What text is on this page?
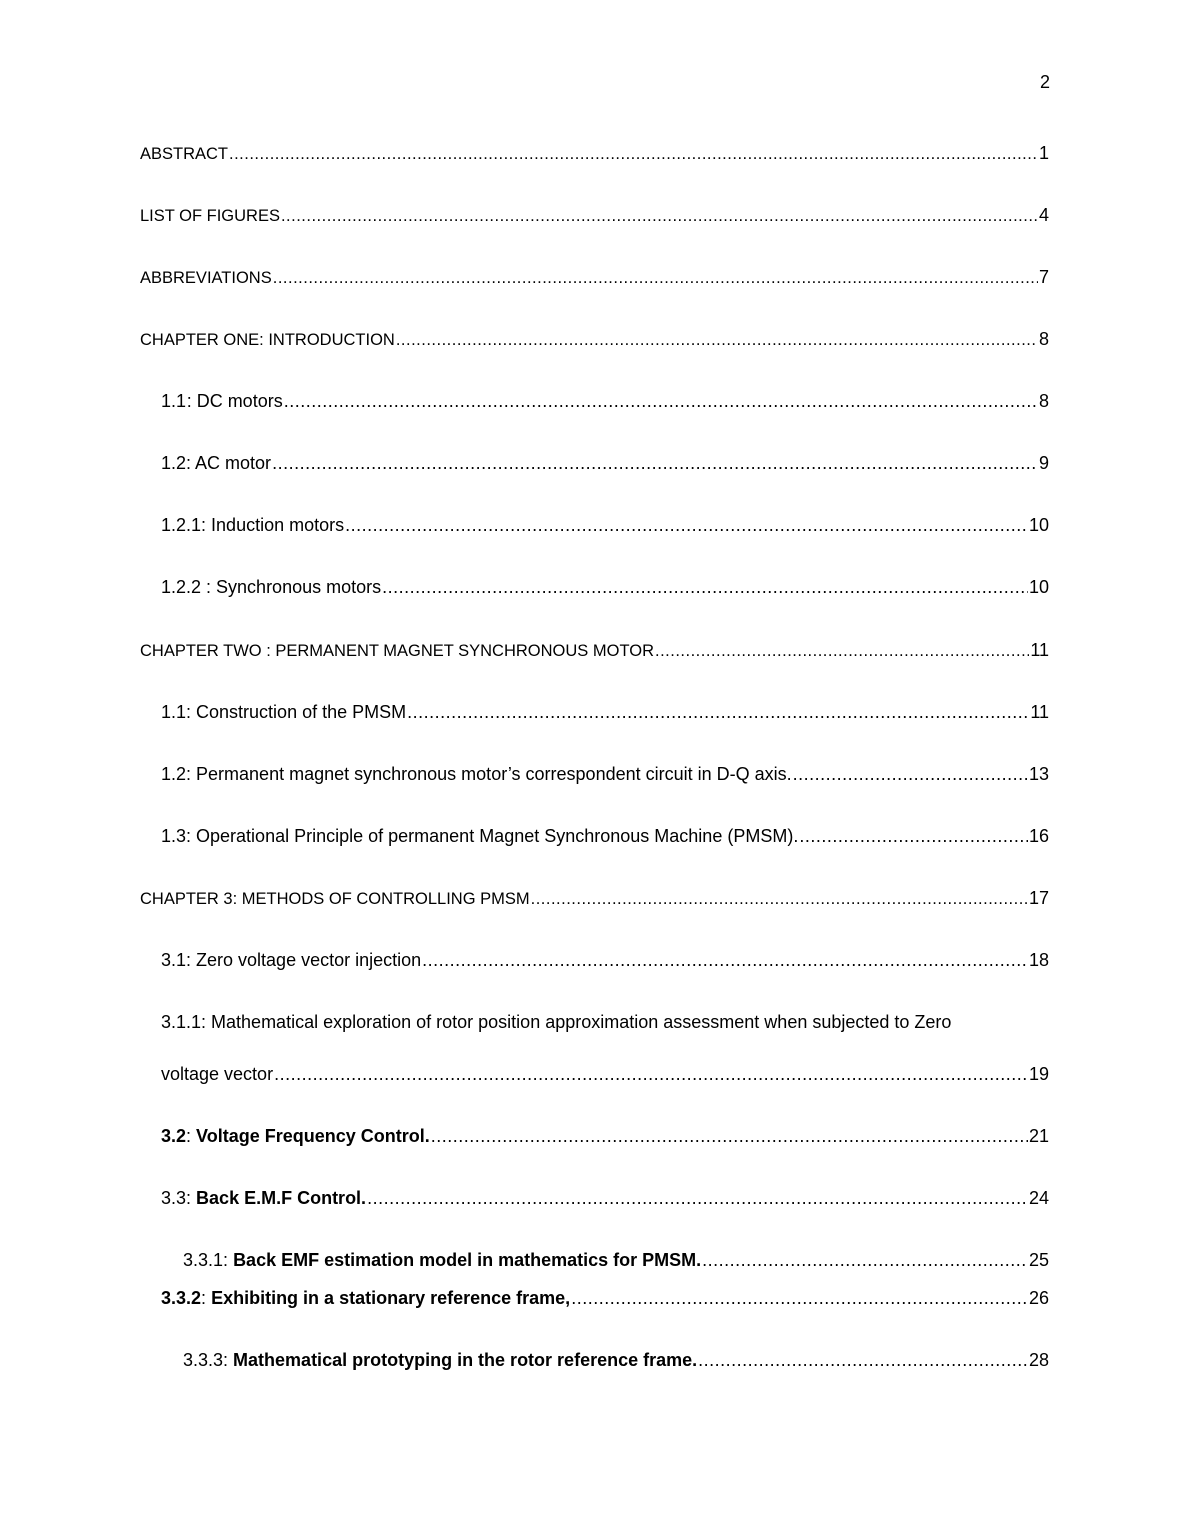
2
ABSTRACT .....	1
LIST OF FIGURES .....	4
ABBREVIATIONS .....	7
CHAPTER ONE: INTRODUCTION .....	8
1.1 : DC motors .....	8
1.2: AC motor .....	9
1.2.1 : Induction motors .....	10
1.2.2 : Synchronous motors .....	10
CHAPTER TWO : PERMANENT MAGNET SYNCHRONOUS MOTOR .....	11
1.1 : Construction of the PMSM .....	11
1.2 : Permanent magnet synchronous motor’s correspondent circuit in D-Q axis. .....	13
1.3 : Operational Principle of permanent Magnet Synchronous Machine (PMSM). .....	16
CHAPTER 3: METHODS OF CONTROLLING PMSM .....	17
3.1: Zero voltage vector injection .....	18
3.1.1: Mathematical exploration of rotor position approximation assessment when subjected to Zero
voltage vector .....	19
3.2 : Voltage Frequency Control. .....	21
3.3 : Back E.M.F Control. .....	24
3.3.1 : Back EMF estimation model in mathematics for PMSM. .....	25
3.3.2 : Exhibiting in a stationary reference frame, .....	26
3.3.3: Mathematical prototyping in the rotor reference frame. .....	28
